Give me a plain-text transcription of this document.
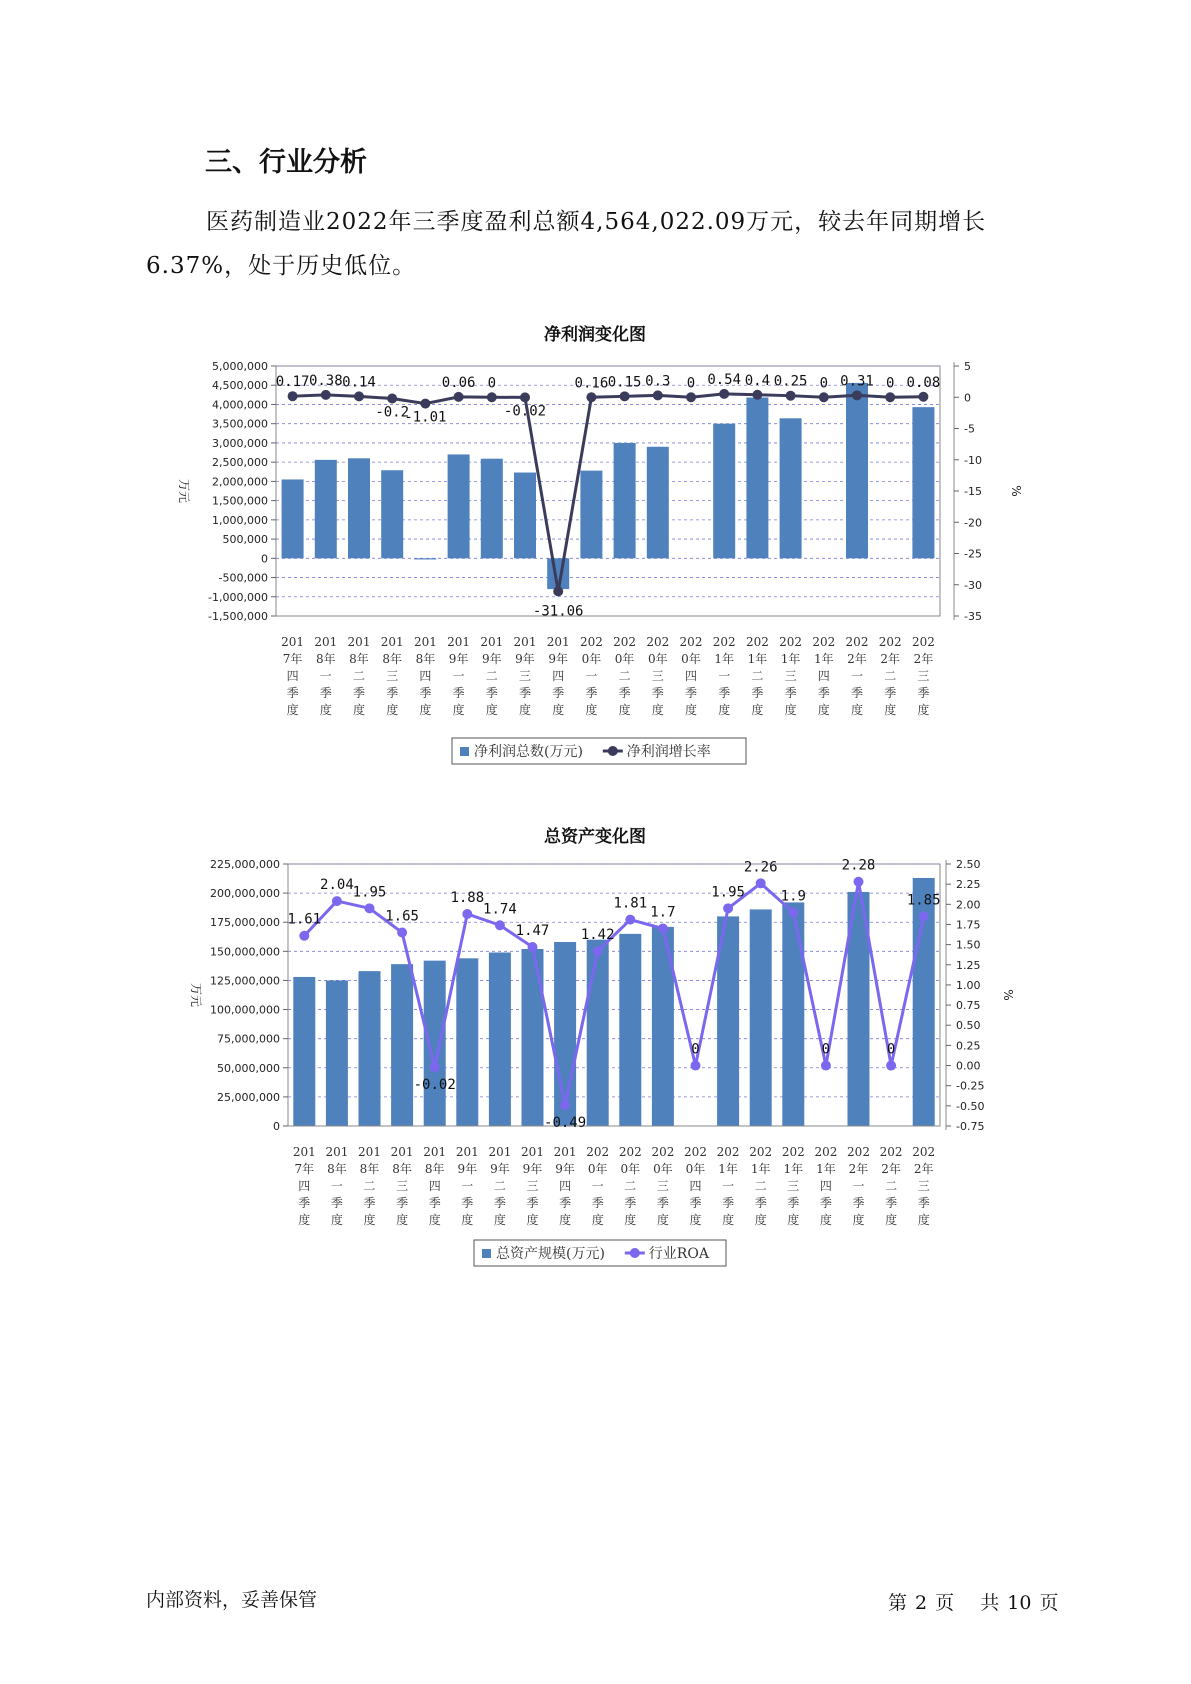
三、行业分析

医药制造业2022年三季度盈利总额4,564,022.09万元，较去年同期增长6.37%，处于历史低位。

净利润变化图
5,000,000
4,500,000
4,000,000
3,500,000
3,000,000
2,500,000
2,000,000
1,500,000
1,000,000
500,000
0
-500,000
-1,000,000
-1,500,000
万元
5
0
-5
-10
-15
-20
-25
-30
-35
%
201 7年四季度
201 8年一季度
201 8年二季度
201 8年三季度
201 8年四季度
201 9年一季度
201 9年二季度
201 9年三季度
201 9年四季度
202 0年一季度
202 0年二季度
202 0年三季度
202 0年四季度
202 1年一季度
202 1年二季度
202 1年三季度
202 1年四季度
202 2年一季度
202 2年二季度
202 2年三季度
0.17 0.38 0.14
-0.2
-1.01
0.06 0
-0.02
-31.06
0.16 0.15 0.3 0 0.54 0.4 0.25 0 0.31 0 0.08
净利润总数(万元)	净利润增长率
总资产变化图
225,000,000
200,000,000
175,000,000
150,000,000
125,000,000
100,000,000
75,000,000
50,000,000
25,000,000
0
万元
2.50
2.25
2.00
1.75
1.50
1.25
1.00
0.75
0.50
0.25
0.00
-0.25
-0.50
-0.75
%
201 7年四季度
201 8年一季度
201 8年二季度
201 8年三季度
201 8年四季度
201 9年一季度
201 9年二季度
201 9年三季度
201 9年四季度
202 0年一季度
202 0年二季度
202 0年三季度
202 0年四季度
202 1年一季度
202 1年二季度
202 1年三季度
202 1年四季度
202 2年一季度
202 2年二季度
202 2年三季度
1.61
2.04
1.95
1.65
-0.02
1.88
1.74
1.47
-0.49
1.42
1.81
1.7
0
1.95
2.26
1.9
0
2.28
0
1.85
总资产规模(万元)	行业ROA
内部资料，妥善保管	第 2 页 共 10 页
